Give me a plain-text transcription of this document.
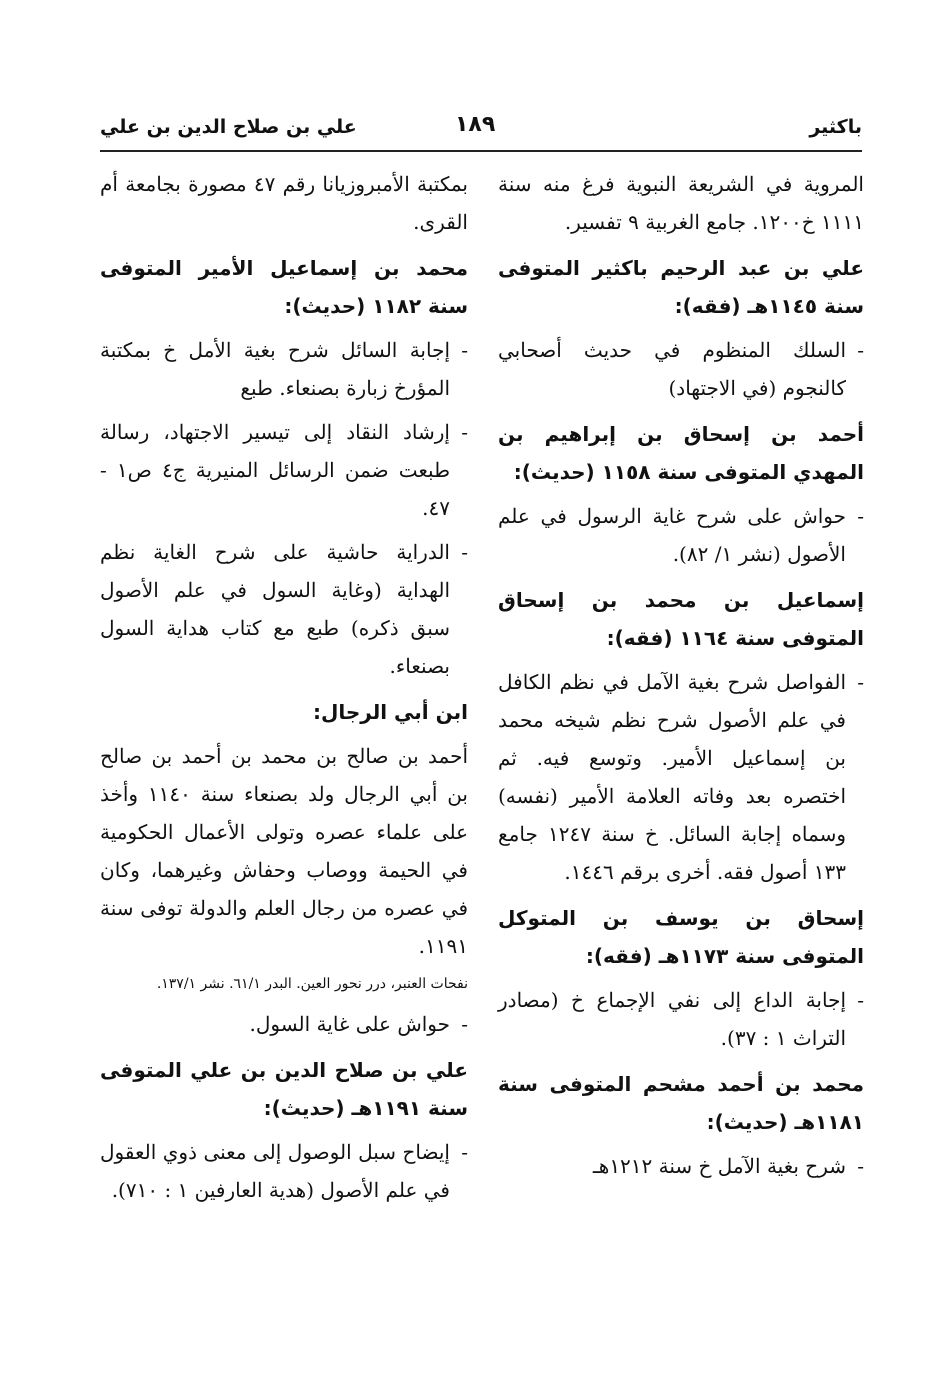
باكثير
١٨٩
علي بن صلاح الدين بن علي

المروية في الشريعة النبوية فرغ منه سنة ١١١١ خ١٢٠٠. جامع الغربية ٩ تفسير.

علي بن عبد الرحيم باكثير المتوفى سنة ١١٤٥هـ (فقه):
-
السلك المنظوم في حديث أصحابي كالنجوم (في الاجتهاد)
أحمد بن إسحاق بن إبراهيم بن المهدي المتوفى سنة ١١٥٨ (حديث):
-
حواش على شرح غاية الرسول في علم الأصول (نشر ١/ ٨٢).
إسماعيل بن محمد بن إسحاق المتوفى سنة ١١٦٤ (فقه):
-
الفواصل شرح بغية الآمل في نظم الكافل في علم الأصول شرح نظم شيخه محمد بن إسماعيل الأمير. وتوسع فيه. ثم اختصره بعد وفاته العلامة الأمير (نفسه) وسماه إجابة السائل. خ سنة ١٢٤٧ جامع ١٣٣ أصول فقه. أخرى برقم ١٤٤٦.
إسحاق بن يوسف بن المتوكل المتوفى سنة ١١٧٣هـ (فقه):
-
إجابة الداع إلى نفي الإجماع خ (مصادر التراث ١ : ٣٧).
محمد بن أحمد مشحم المتوفى سنة ١١٨١هـ (حديث):
-
شرح بغية الآمل خ سنة ١٢١٢هـ

بمكتبة الأمبروزيانا رقم ٤٧ مصورة بجامعة أم القرى.

محمد بن إسماعيل الأمير المتوفى سنة ١١٨٢ (حديث):
-
إجابة السائل شرح بغية الأمل خ بمكتبة المؤرخ زبارة بصنعاء. طبع
-
إرشاد النقاد إلى تيسير الاجتهاد، رسالة طبعت ضمن الرسائل المنيرية ج٤ ص١ - ٤٧.
-
الدراية حاشية على شرح الغاية نظم الهداية (وغاية السول في علم الأصول سبق ذكره) طبع مع كتاب هداية السول بصنعاء.
ابن أبي الرجال:

أحمد بن صالح بن محمد بن أحمد بن صالح بن أبي الرجال ولد بصنعاء سنة ١١٤٠ وأخذ على علماء عصره وتولى الأعمال الحكومية في الحيمة ووصاب وحفاش وغيرهما، وكان في عصره من رجال العلم والدولة توفى سنة ١١٩١.

نفحات العنبر، درر نحور العين. البدر ٦١/١. نشر ١٣٧/١.

-
حواش على غاية السول.
علي بن صلاح الدين بن علي المتوفى سنة ١١٩١هـ (حديث):
-
إيضاح سبل الوصول إلى معنى ذوي العقول في علم الأصول (هدية العارفين ١ : ٧١٠).
